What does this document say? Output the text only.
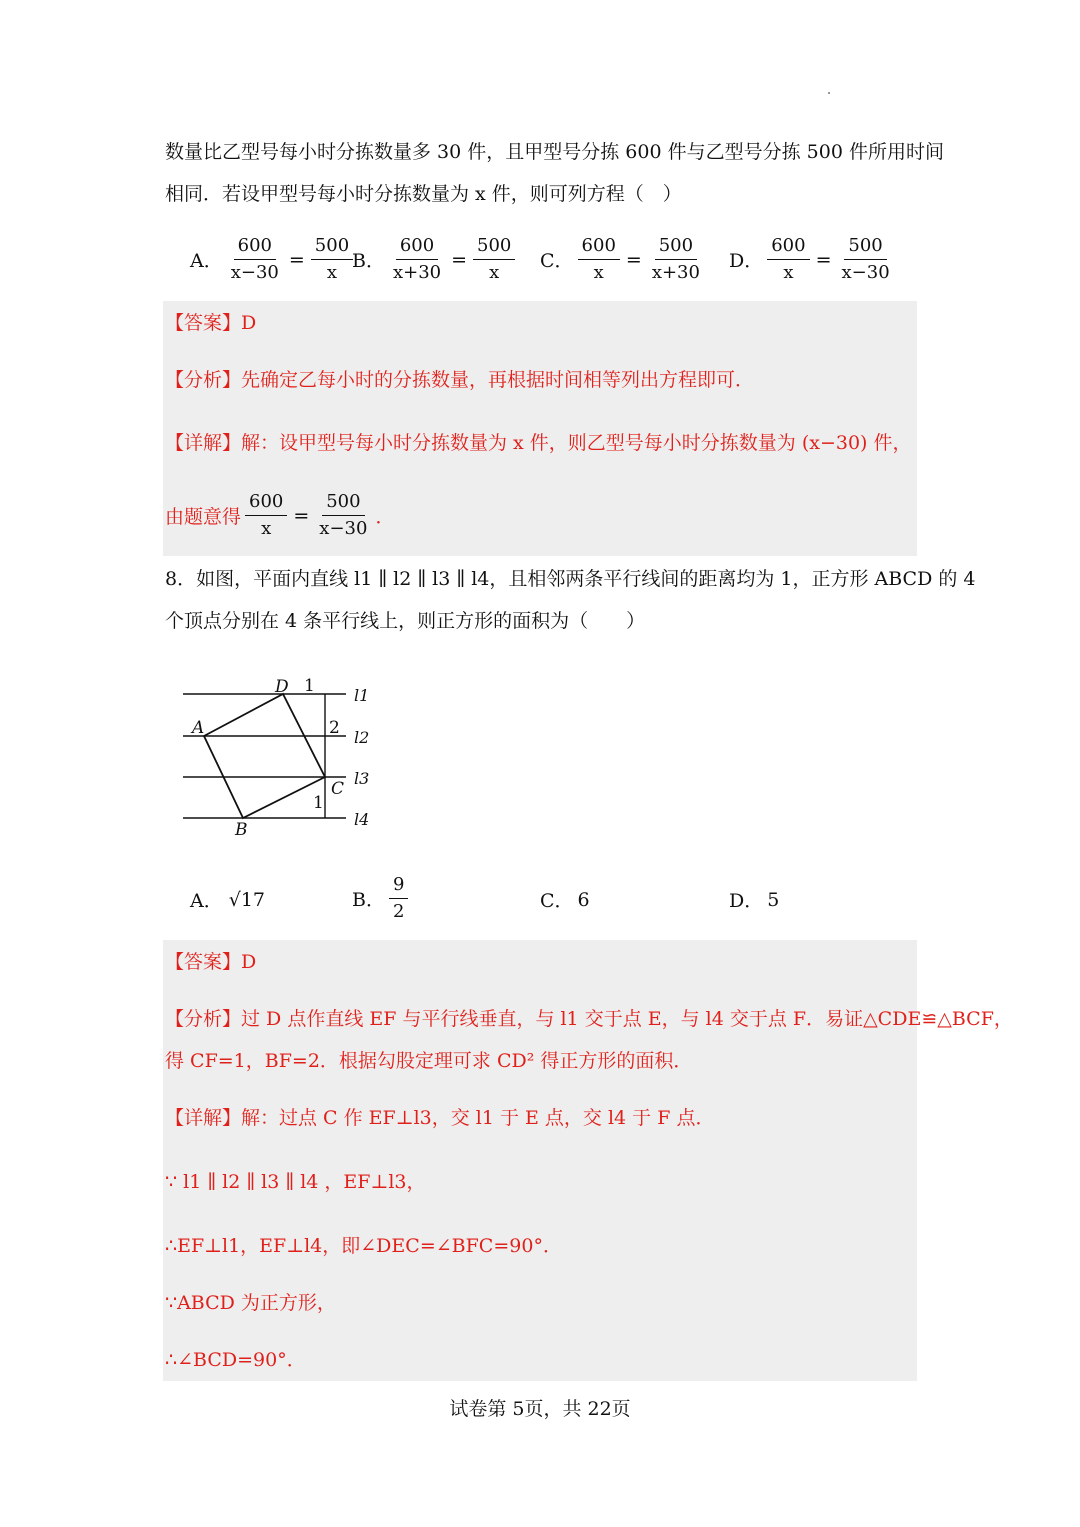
数量比乙型号每小时分拣数量多 30 件，且甲型号分拣 600 件与乙型号分拣 500 件所用时间
相同．若设甲型号每小时分拣数量为 x 件，则可列方程（　）
A． $\frac{600}{x-30} = \frac{500}{x}$
B． $\frac{600}{x+30} = \frac{500}{x}$ C． $\frac{600}{x} = \frac{500}{x+30}$ D． $\frac{600}{x} = \frac{500}{x-30}$
【答案】D
【分析】先确定乙每小时的分拣数量，再根据时间相等列出方程即可．
【详解】解：设甲型号每小时分拣数量为 x 件，则乙型号每小时分拣数量为 (x−30) 件，
由题意得 $\frac{600}{x} = \frac{500}{x-30}$ ．
8．如图，平面内直线 l1 ∥ l2 ∥ l3 ∥ l4，且相邻两条平行线间的距离均为 1，正方形 ABCD 的 4
个顶点分别在 4 条平行线上，则正方形的面积为（　　）
D 1
A	2
C
1
B
l1
l2
l3
l4
A． √17	B． $\frac{9}{2}$	C． 6	D． 5
【答案】D
【分析】过 D 点作直线 EF 与平行线垂直，与 l1 交于点 E，与 l4 交于点 F．易证△CDE≌△BCF，
得 CF=1，BF=2．根据勾股定理可求 CD² 得正方形的面积．
【详解】解：过点 C 作 EF⊥l3，交 l1 于 E 点，交 l4 于 F 点．
∵ l1 ∥ l2 ∥ l3 ∥ l4 ，EF⊥l3，
∴EF⊥l1，EF⊥l4，即∠DEC=∠BFC=90°．
∵ABCD 为正方形，
∴∠BCD=90°．
试卷第 5页，共 22页
